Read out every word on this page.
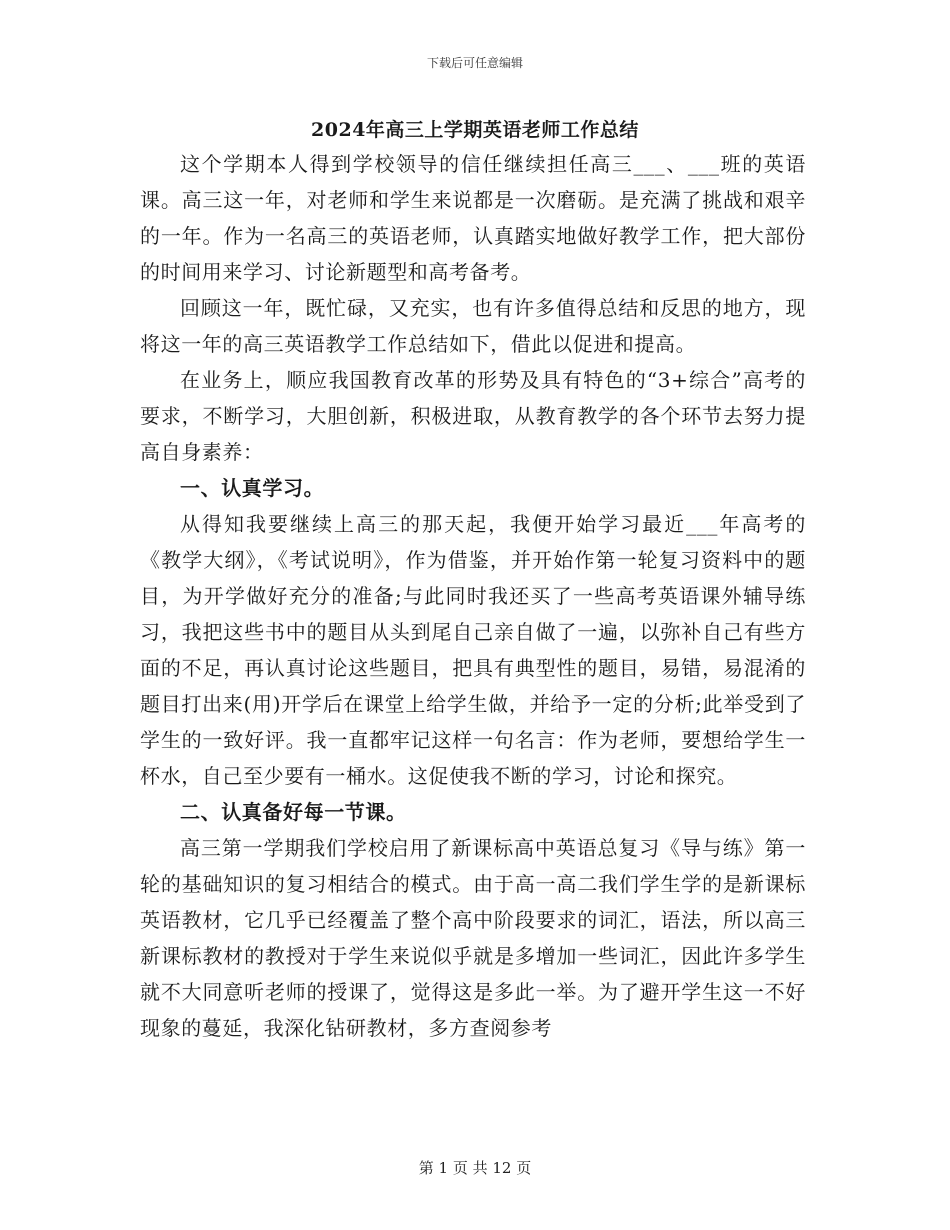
下载后可任意编辑
2024年高三上学期英语老师工作总结

这个学期本人得到学校领导的信任继续担任高三___、___班的英语课。高三这一年，对老师和学生来说都是一次磨砺。是充满了挑战和艰辛的一年。作为一名高三的英语老师，认真踏实地做好教学工作，把大部份的时间用来学习、讨论新题型和高考备考。

回顾这一年，既忙碌，又充实，也有许多值得总结和反思的地方，现将这一年的高三英语教学工作总结如下，借此以促进和提高。

在业务上，顺应我国教育改革的形势及具有特色的“3+综合”高考的要求，不断学习，大胆创新，积极进取，从教育教学的各个环节去努力提高自身素养：

一、认真学习。

从得知我要继续上高三的那天起，我便开始学习最近___年高考的《教学大纲》，《考试说明》，作为借鉴，并开始作第一轮复习资料中的题目，为开学做好充分的准备;与此同时我还买了一些高考英语课外辅导练习，我把这些书中的题目从头到尾自己亲自做了一遍，以弥补自己有些方面的不足，再认真讨论这些题目，把具有典型性的题目，易错，易混淆的题目打出来(用)开学后在课堂上给学生做，并给予一定的分析;此举受到了学生的一致好评。我一直都牢记这样一句名言：作为老师，要想给学生一杯水，自己至少要有一桶水。这促使我不断的学习，讨论和探究。

二、认真备好每一节课。

高三第一学期我们学校启用了新课标高中英语总复习《导与练》第一轮的基础知识的复习相结合的模式。由于高一高二我们学生学的是新课标英语教材，它几乎已经覆盖了整个高中阶段要求的词汇，语法，所以高三新课标教材的教授对于学生来说似乎就是多增加一些词汇，因此许多学生就不大同意听老师的授课了，觉得这是多此一举。为了避开学生这一不好现象的蔓延，我深化钻研教材，多方查阅参考

第 1 页 共 12 页
